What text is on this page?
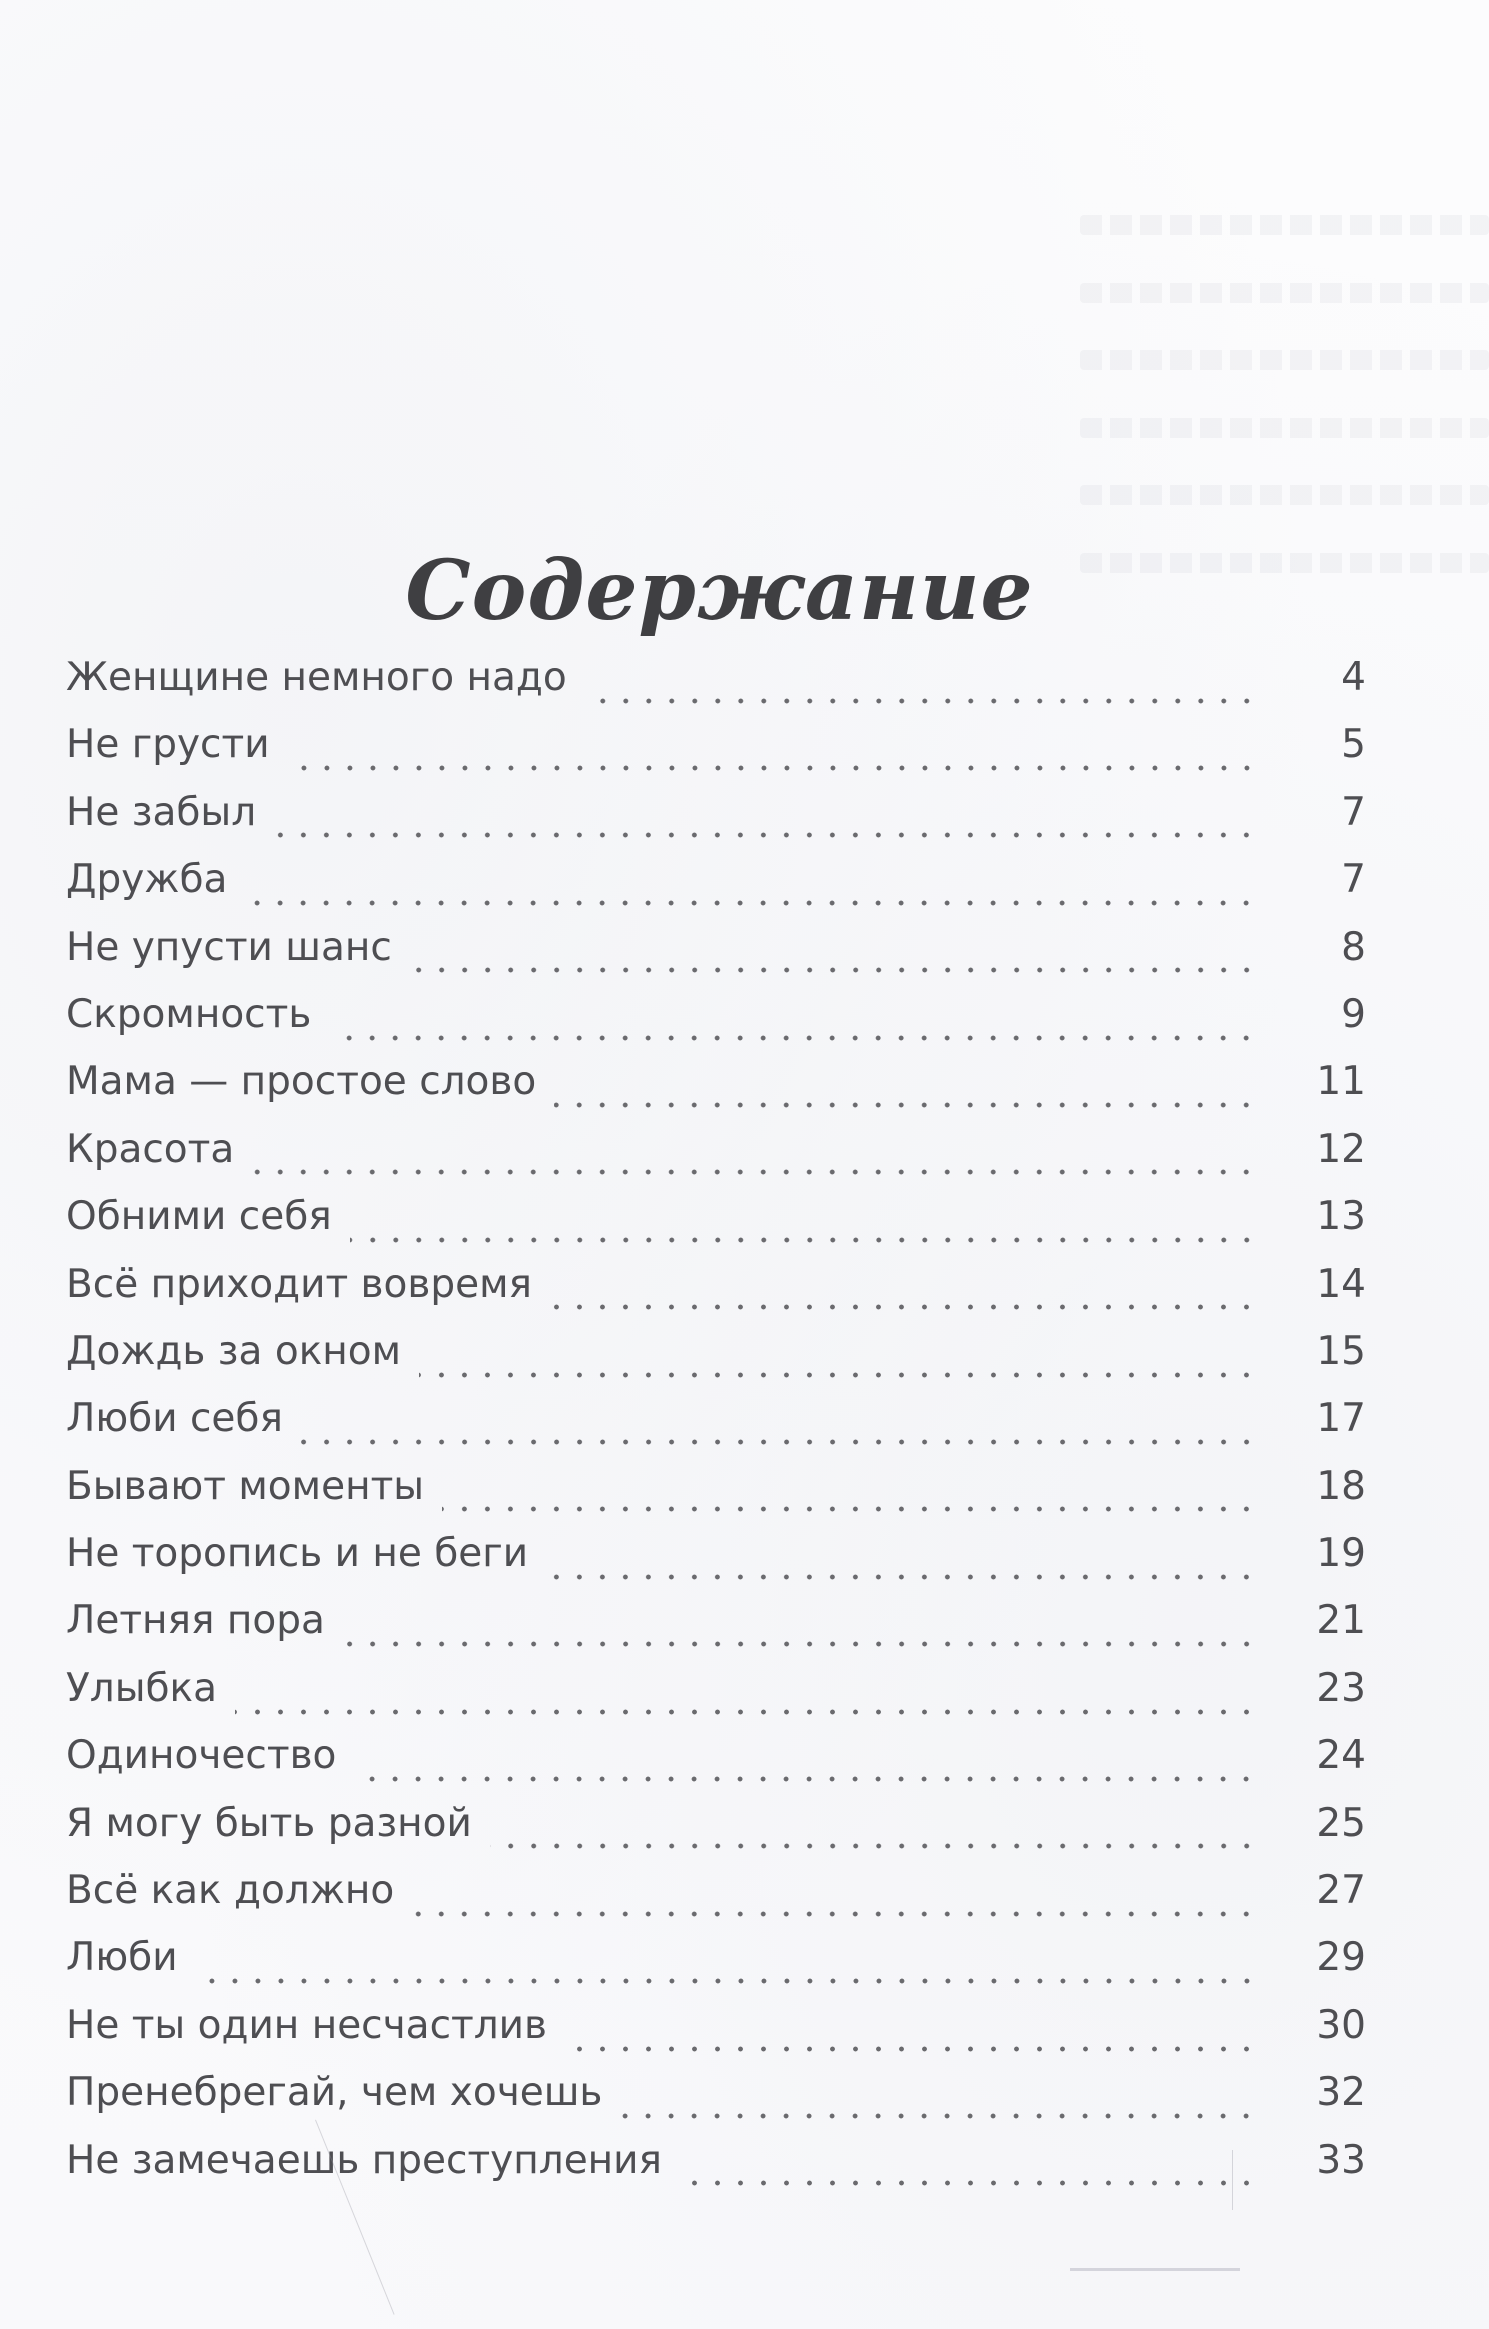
Содержание
Женщине немного надо	4
Не грусти	5
Не забыл	7
Дружба	7
Не упусти шанс	8
Скромность	9
Мама — простое слово	11
Красота	12
Обними себя	13
Всё приходит вовремя	14
Дождь за окном	15
Люби себя	17
Бывают моменты	18
Не торопись и не беги	19
Летняя пора	21
Улыбка	23
Одиночество	24
Я могу быть разной	25
Всё как должно	27
Люби	29
Не ты один несчастлив	30
Пренебрегай, чем хочешь	32
Не замечаешь преступления	33
